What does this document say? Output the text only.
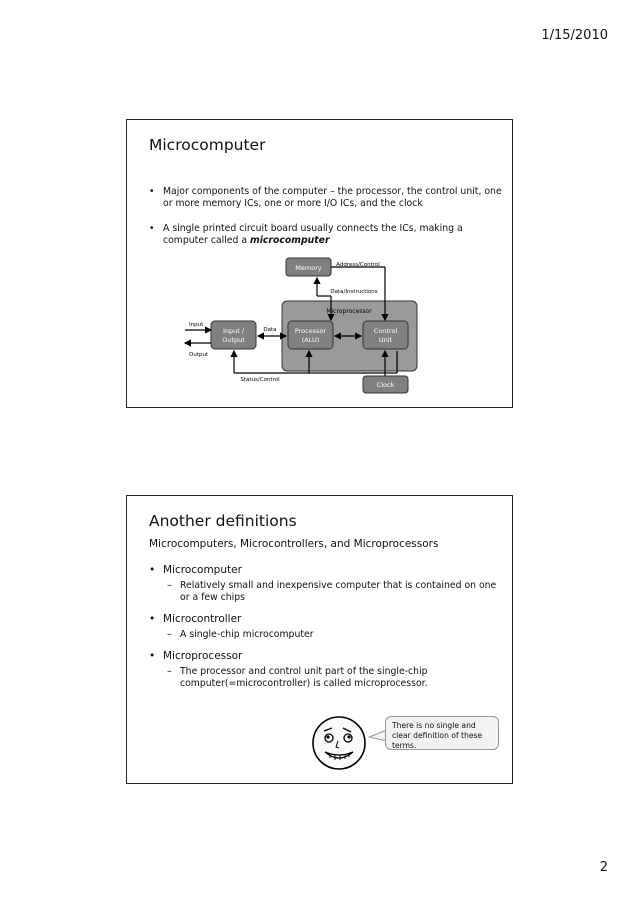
1/15/2010
Microcomputer
• Major components of the computer – the processor, the control unit, one or more memory ICs, one or more I/O ICs, and the clock
• A single printed circuit board usually connects the ICs, making a computer called a microcomputer
Microprocessor
Memory	Address/Control
Data/Instructions
Input /
Output
Input
Output
Processor
(ALU)
Control
Unit
Data
Status/Control
Clock
Another definitions
Microcomputers, Microcontrollers, and Microprocessors
• Microcomputer
– Relatively small and inexpensive computer that is contained on one or a few chips
• Microcontroller
– A single-chip microcomputer
• Microprocessor
– The processor and control unit part of the single-chip computer(=microcontroller) is called microprocessor.
There is no single and clear definition of these terms.
2
